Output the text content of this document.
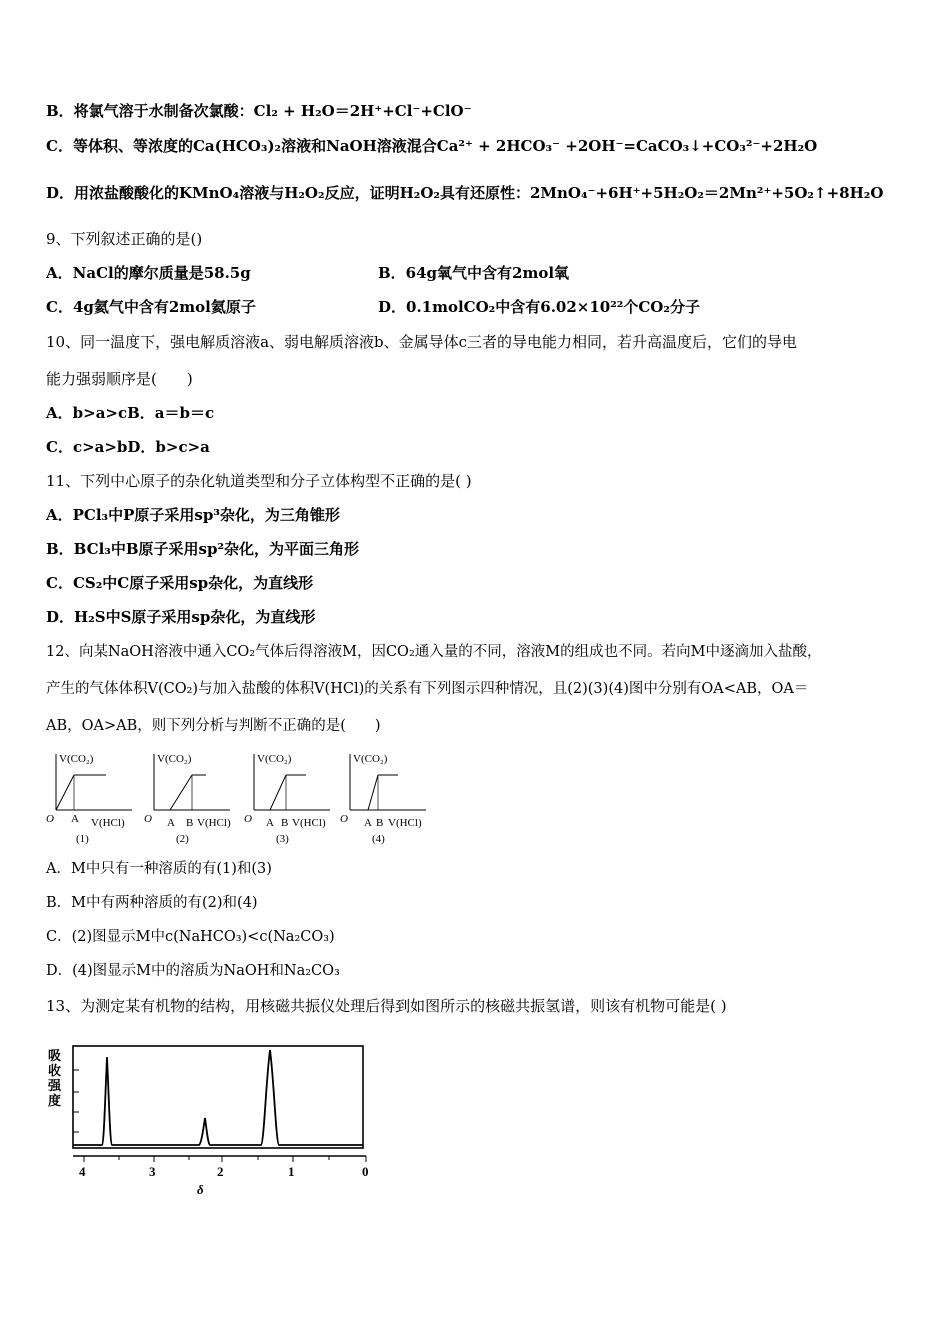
B．将氯气溶于水制备次氯酸：Cl₂ + H₂O＝2H⁺+Cl⁻+ClO⁻
C．等体积、等浓度的Ca(HCO₃)₂溶液和NaOH溶液混合Ca²⁺ + 2HCO₃⁻ +2OH⁻=CaCO₃↓+CO₃²⁻+2H₂O
D．用浓盐酸酸化的KMnO₄溶液与H₂O₂反应，证明H₂O₂具有还原性：2MnO₄⁻+6H⁺+5H₂O₂＝2Mn²⁺+5O₂↑+8H₂O
9、下列叙述正确的是()
A．NaCl的摩尔质量是58.5g	B．64g氧气中含有2mol氧
C．4g氦气中含有2mol氦原子	D．0.1molCO₂中含有6.02×10²²个CO₂分子
10、同一温度下，强电解质溶液a、弱电解质溶液b、金属导体c三者的导电能力相同，若升高温度后，它们的导电
能力强弱顺序是(　　)
A．b>a>cB．a＝b＝c
C．c>a>bD．b>c>a
11、下列中心原子的杂化轨道类型和分子立体构型不正确的是( )
A．PCl₃中P原子采用sp³杂化，为三角锥形
B．BCl₃中B原子采用sp²杂化，为平面三角形
C．CS₂中C原子采用sp杂化，为直线形
D．H₂S中S原子采用sp杂化，为直线形
12、向某NaOH溶液中通入CO₂气体后得溶液M，因CO₂通入量的不同，溶液M的组成也不同。若向M中逐滴加入盐酸，
产生的气体体积V(CO₂)与加入盐酸的体积V(HCl)的关系有下列图示四种情况，且(2)(3)(4)图中分别有OA<AB，OA＝
AB，OA>AB，则下列分析与判断不正确的是(　　)
V(CO₂)
O A V(HCl)
(1)
V(CO₂)
O A B V(HCl)
(2)
V(CO₂)
O A B V(HCl)
(3)
V(CO₂)
O A B V(HCl)
(4)
A．M中只有一种溶质的有(1)和(3)
B．M中有两种溶质的有(2)和(4)
C．(2)图显示M中c(NaHCO₃)<c(Na₂CO₃)
D．(4)图显示M中的溶质为NaOH和Na₂CO₃
13、为测定某有机物的结构，用核磁共振仪处理后得到如图所示的核磁共振氢谱，则该有机物可能是( )
吸
收
强
度
4	3	2	1	0
δ
